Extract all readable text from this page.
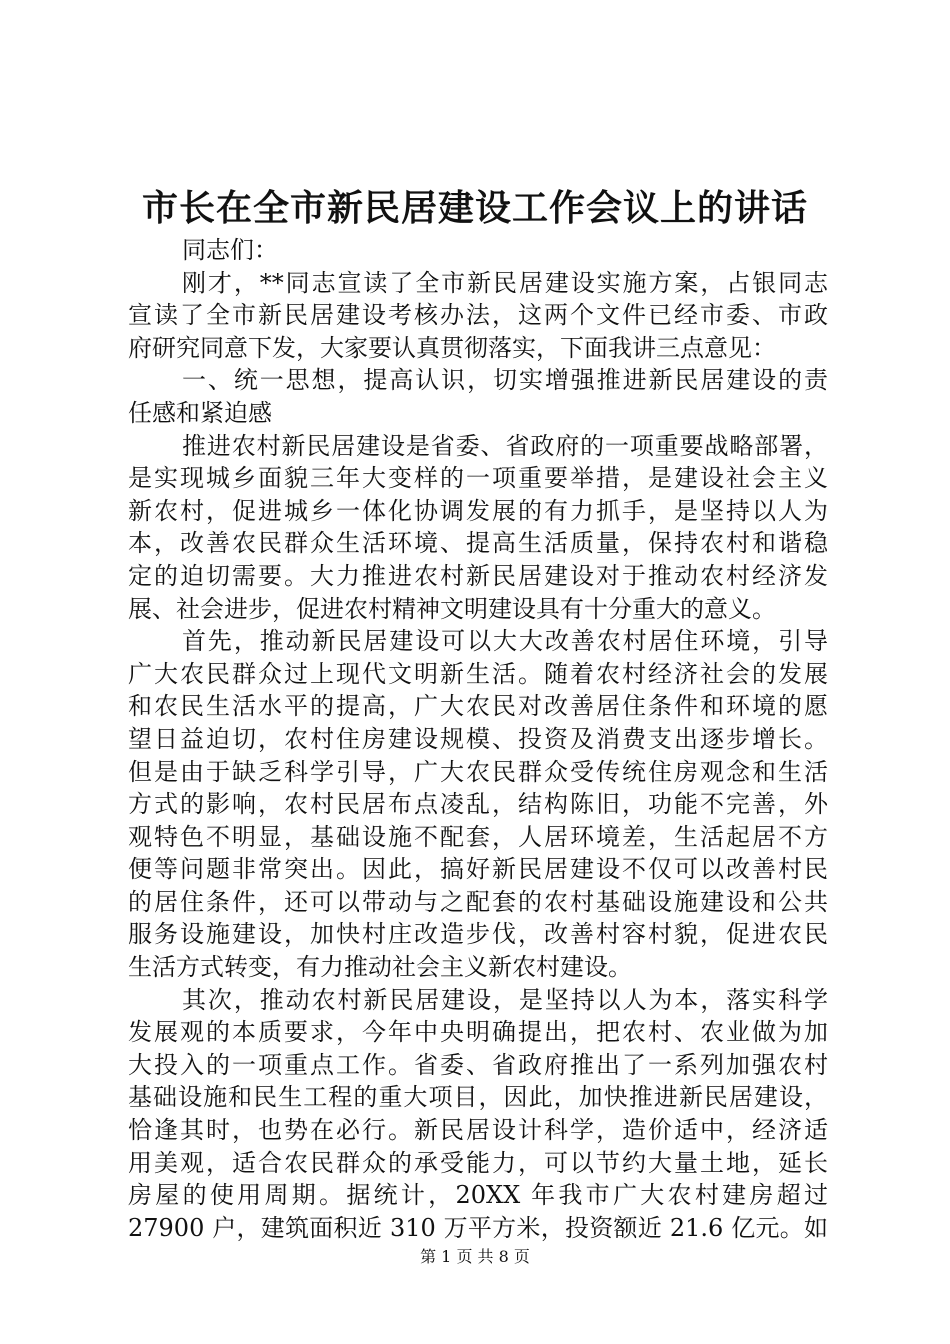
市长在全市新民居建设工作会议上的讲话
同志们：
刚才，**同志宣读了全市新民居建设实施方案，占银同志
宣读了全市新民居建设考核办法，这两个文件已经市委、市政
府研究同意下发，大家要认真贯彻落实，下面我讲三点意见：
一、统一思想，提高认识，切实增强推进新民居建设的责
任感和紧迫感
推进农村新民居建设是省委、省政府的一项重要战略部署，
是实现城乡面貌三年大变样的一项重要举措，是建设社会主义
新农村，促进城乡一体化协调发展的有力抓手，是坚持以人为
本，改善农民群众生活环境、提高生活质量，保持农村和谐稳
定的迫切需要。大力推进农村新民居建设对于推动农村经济发
展、社会进步，促进农村精神文明建设具有十分重大的意义。
首先，推动新民居建设可以大大改善农村居住环境，引导
广大农民群众过上现代文明新生活。随着农村经济社会的发展
和农民生活水平的提高，广大农民对改善居住条件和环境的愿
望日益迫切，农村住房建设规模、投资及消费支出逐步增长。
但是由于缺乏科学引导，广大农民群众受传统住房观念和生活
方式的影响，农村民居布点凌乱，结构陈旧，功能不完善，外
观特色不明显，基础设施不配套，人居环境差，生活起居不方
便等问题非常突出。因此，搞好新民居建设不仅可以改善村民
的居住条件，还可以带动与之配套的农村基础设施建设和公共
服务设施建设，加快村庄改造步伐，改善村容村貌，促进农民
生活方式转变，有力推动社会主义新农村建设。
其次，推动农村新民居建设，是坚持以人为本，落实科学
发展观的本质要求，今年中央明确提出，把农村、农业做为加
大投入的一项重点工作。省委、省政府推出了一系列加强农村
基础设施和民生工程的重大项目，因此，加快推进新民居建设，
恰逢其时，也势在必行。新民居设计科学，造价适中，经济适
用美观，适合农民群众的承受能力，可以节约大量土地，延长
房屋的使用周期。据统计，20XX 年我市广大农村建房超过
27900 户，建筑面积近 310 万平方米，投资额近 21.6 亿元。如
第 1 页 共 8 页
